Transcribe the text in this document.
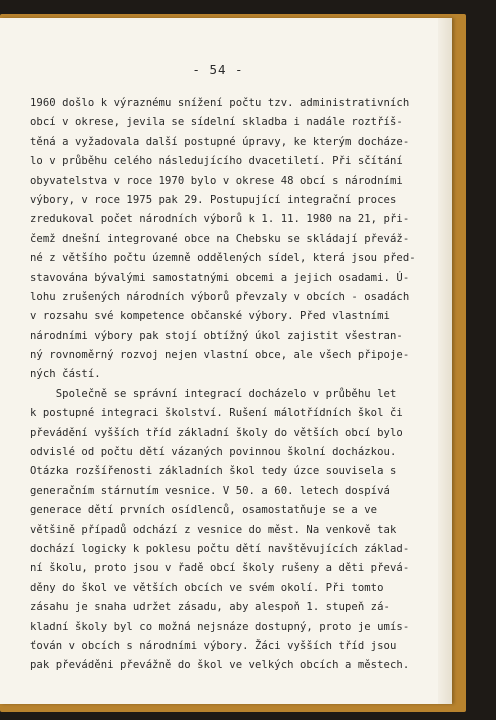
- 54 -
1960 došlo k výraznému snížení počtu tzv. administrativních
obcí v okrese, jevila se sídelní skladba i nadále roztříš-
těná a vyžadovala další postupné úpravy, ke kterým docháze-
lo v průběhu celého následujícího dvacetiletí. Při sčítání
obyvatelstva v roce 1970 bylo v okrese 48 obcí s národními
výbory, v roce 1975 pak 29. Postupující integrační proces
zredukoval počet národních výborů k 1. 11. 1980 na 21, při-
čemž dnešní integrované obce na Chebsku se skládají převáž-
né z většího počtu územně oddělených sídel, která jsou před-
stavována bývalými samostatnými obcemi a jejich osadami. Ú-
lohu zrušených národních výborů převzaly v obcích - osadách
v rozsahu své kompetence občanské výbory. Před vlastními
národními výbory pak stojí obtížný úkol zajistit všestran-
ný rovnoměrný rozvoj nejen vlastní obce, ale všech připoje-
ných částí.
Společně se správní integrací docházelo v průběhu let
k postupné integraci školství. Rušení málotřídních škol či
převádění vyšších tříd základní školy do větších obcí bylo
odvislé od počtu dětí vázaných povinnou školní docházkou.
Otázka rozšířenosti základních škol tedy úzce souvisela s
generačním stárnutím vesnice. V 50. a 60. letech dospívá
generace dětí prvních osídlenců, osamostatňuje se a ve
většině případů odchází z vesnice do měst. Na venkově tak
dochází logicky k poklesu počtu dětí navštěvujících základ-
ní školu, proto jsou v řadě obcí školy rušeny a děti převá-
děny do škol ve větších obcích ve svém okolí. Při tomto
zásahu je snaha udržet zásadu, aby alespoň 1. stupeň zá-
kladní školy byl co možná nejsnáze dostupný, proto je umís-
ťován v obcích s národními výbory. Žáci vyšších tříd jsou
pak převáděni převážně do škol ve velkých obcích a městech.
